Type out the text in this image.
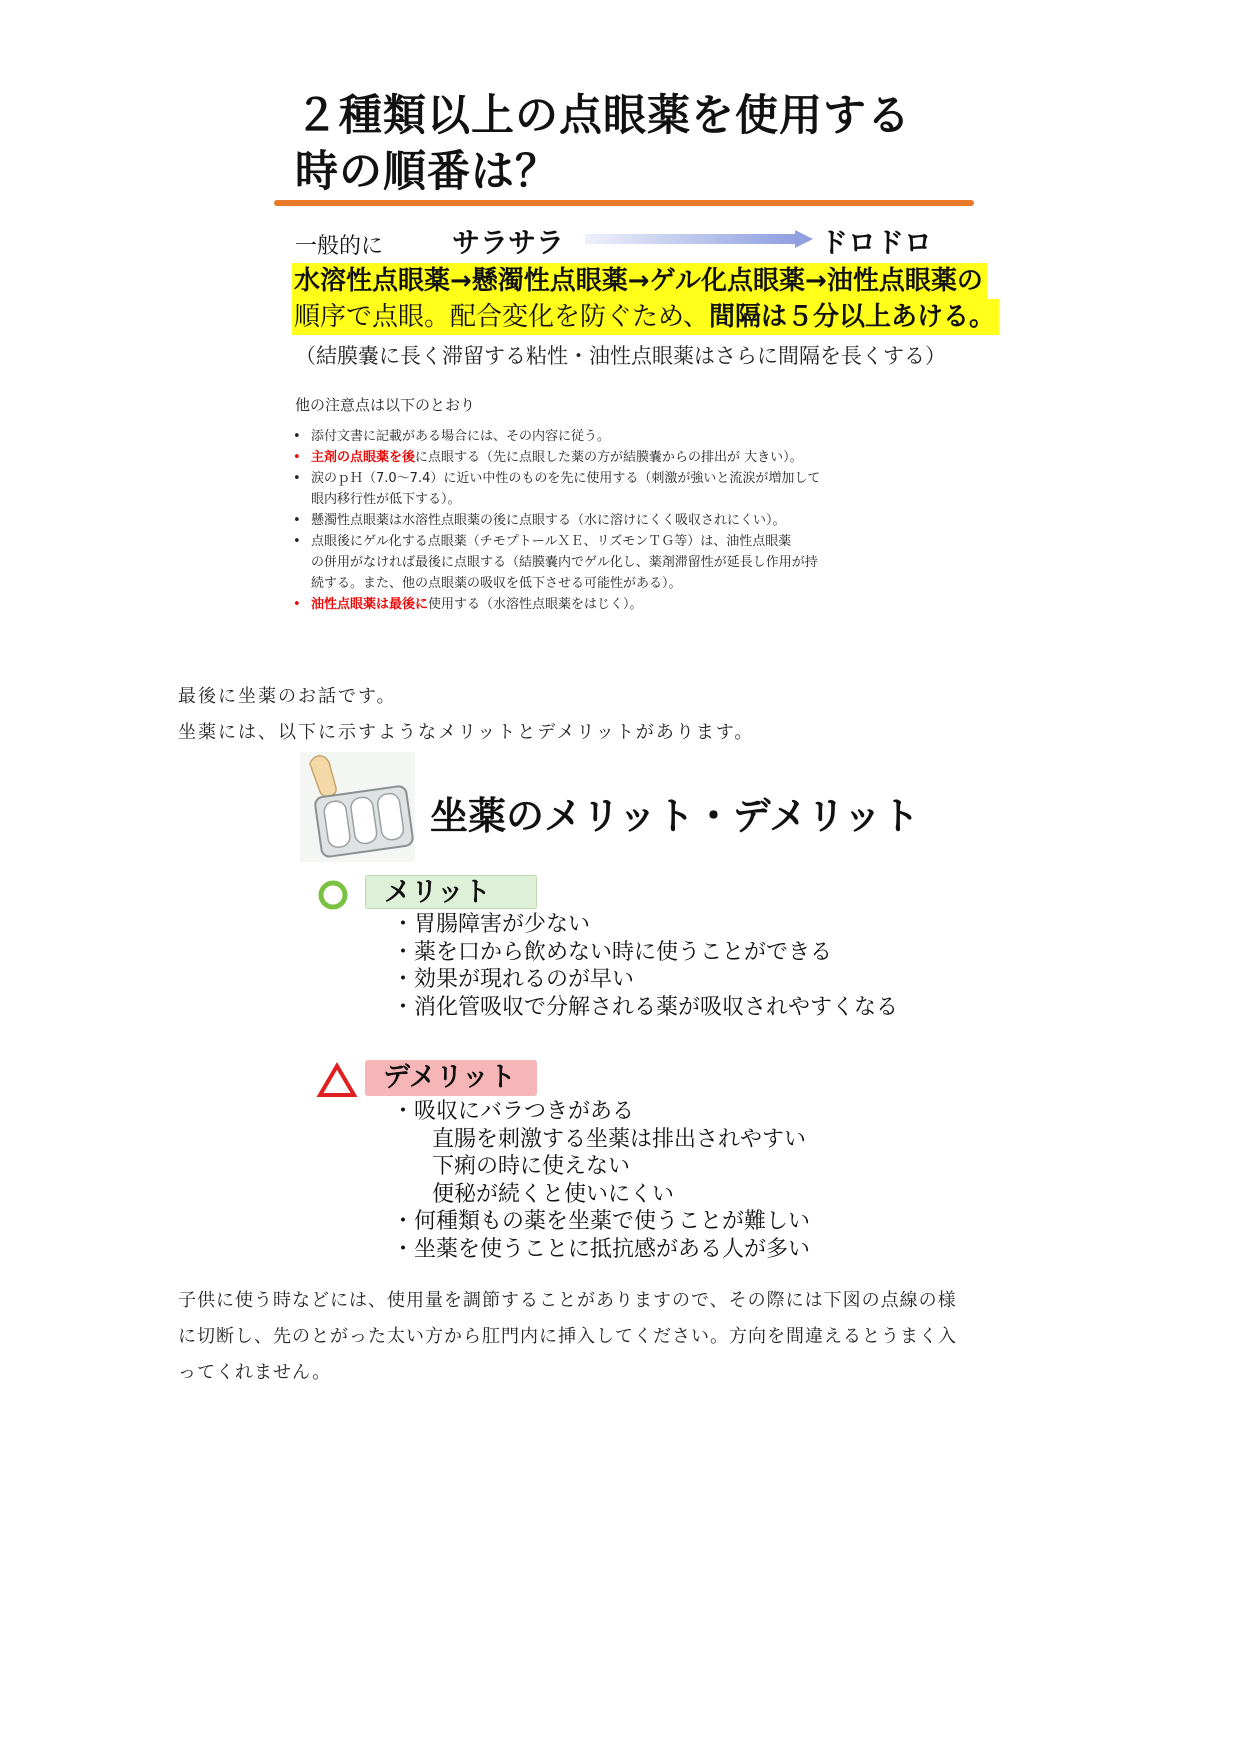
２種類以上の点眼薬を使用する
時の順番は？
一般的に サラサラ	ドロドロ
水溶性点眼薬→懸濁性点眼薬→ゲル化点眼薬→油性点眼薬の
順序で点眼。配合変化を防ぐため、間隔は５分以上あける。
（結膜嚢に長く滞留する粘性・油性点眼薬はさらに間隔を長くする）
他の注意点は以下のとおり
• 添付文書に記載がある場合には、その内容に従う。
• 主剤の点眼薬を後に点眼する（先に点眼した薬の方が結膜嚢からの排出が 大きい）。
• 涙のｐＨ（7.0～7.4）に近い中性のものを先に使用する（刺激が強いと流涙が増加して
眼内移行性が低下する）。
• 懸濁性点眼薬は水溶性点眼薬の後に点眼する（水に溶けにくく吸収されにくい）。
• 点眼後にゲル化する点眼薬（チモプトールＸＥ、リズモンＴＧ等）は、油性点眼薬
の併用がなければ最後に点眼する（結膜嚢内でゲル化し、薬剤滞留性が延長し作用が持
続する。また、他の点眼薬の吸収を低下させる可能性がある）。
• 油性点眼薬は最後に使用する（水溶性点眼薬をはじく）。
最後に坐薬のお話です。
坐薬には、以下に示すようなメリットとデメリットがあります。
坐薬のメリット・デメリット
メリット
・胃腸障害が少ない
・薬を口から飲めない時に使うことができる
・効果が現れるのが早い
・消化管吸収で分解される薬が吸収されやすくなる
デメリット
・吸収にバラつきがある
直腸を刺激する坐薬は排出されやすい
下痢の時に使えない
便秘が続くと使いにくい
・何種類もの薬を坐薬で使うことが難しい
・坐薬を使うことに抵抗感がある人が多い
子供に使う時などには、使用量を調節することがありますので、その際には下図の点線の様
に切断し、先のとがった太い方から肛門内に挿入してください。方向を間違えるとうまく入
ってくれません。
